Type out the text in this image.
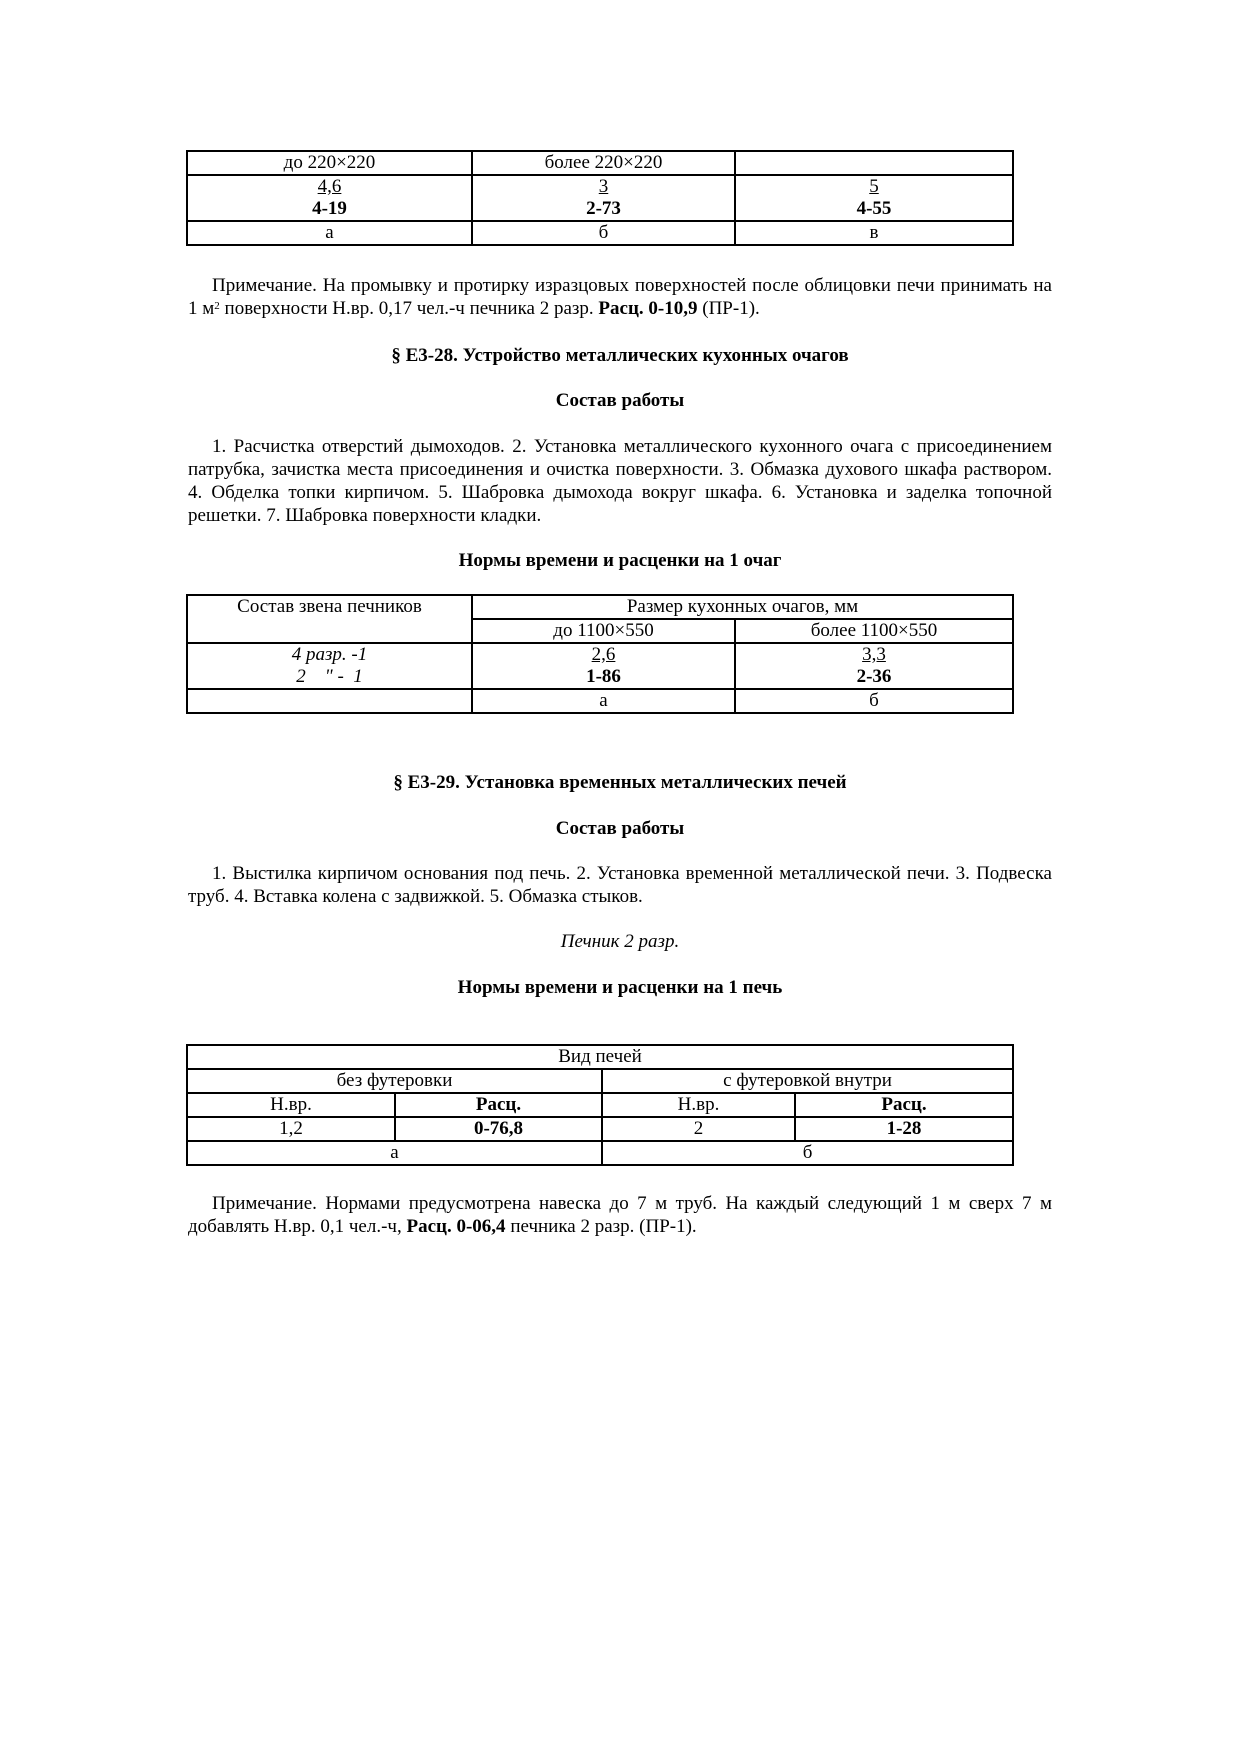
до 220×220	более 220×220	

4,6
4-19

3
2-73

5
4-55

а	б	в
Примечание. На промывку и протирку изразцовых поверхностей после облицовки печи принимать на 1 $м^2$ поверхности Н.вр. 0,17 чел.-ч печника 2 разр. Расц. 0-10,9 (ПР-1).
§ Е3-28. Устройство металлических кухонных очагов
Состав работы
1. Расчистка отверстий дымоходов. 2. Установка металлического кухонного очага с присоединением патрубка, зачистка места присоединения и очистка поверхности. 3. Обмазка духового шкафа раствором. 4. Обделка топки кирпичом. 5. Шабровка дымохода вокруг шкафа. 6. Установка и заделка топочной решетки. 7. Шабровка поверхности кладки.
Нормы времени и расценки на 1 очаг
Состав звена печников	Размер кухонных очагов, мм	
	до 1100×550	более 1100×550

4 разр. -1
2    " -  1

2,6
1-86

3,3
2-36

	а	б
§ Е3-29. Установка временных металлических печей
Состав работы
1. Выстилка кирпичом основания под печь. 2. Установка временной металлической печи. 3. Подвеска труб. 4. Вставка колена с задвижкой. 5. Обмазка стыков.
Печник 2 разр.
Нормы времени и расценки на 1 печь
Вид печей			
без футеровки		с футеровкой внутри	
Н.вр.	Расц.	Н.вр.	Расц.
1,2	0-76,8	2	1-28
а		б	
Примечание. Нормами предусмотрена навеска до 7 м труб. На каждый следующий 1 м сверх 7 м добавлять Н.вр. 0,1 чел.-ч, Расц. 0-06,4 печника 2 разр. (ПР-1).
